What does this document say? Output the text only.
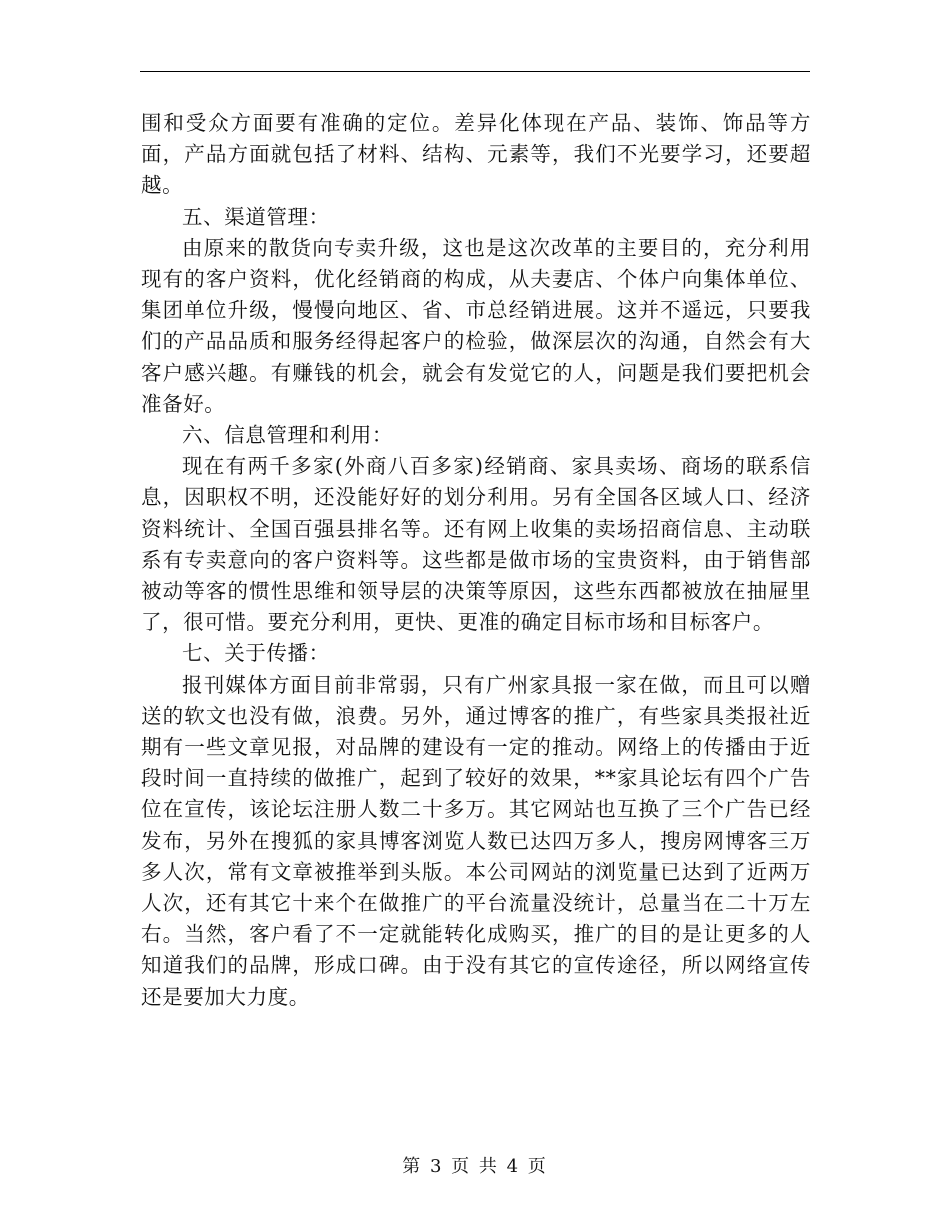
围和受众方面要有准确的定位。差异化体现在产品、装饰、饰品等方面，产品方面就包括了材料、结构、元素等，我们不光要学习，还要超越。

五、渠道管理：

由原来的散货向专卖升级，这也是这次改革的主要目的，充分利用现有的客户资料，优化经销商的构成，从夫妻店、个体户向集体单位、集团单位升级，慢慢向地区、省、市总经销进展。这并不遥远，只要我们的产品品质和服务经得起客户的检验，做深层次的沟通，自然会有大客户感兴趣。有赚钱的机会，就会有发觉它的人，问题是我们要把机会准备好。

六、信息管理和利用：

现在有两千多家(外商八百多家)经销商、家具卖场、商场的联系信息，因职权不明，还没能好好的划分利用。另有全国各区域人口、经济资料统计、全国百强县排名等。还有网上收集的卖场招商信息、主动联系有专卖意向的客户资料等。这些都是做市场的宝贵资料，由于销售部被动等客的惯性思维和领导层的决策等原因，这些东西都被放在抽屉里了，很可惜。要充分利用，更快、更准的确定目标市场和目标客户。

七、关于传播：

报刊媒体方面目前非常弱，只有广州家具报一家在做，而且可以赠送的软文也没有做，浪费。另外，通过博客的推广，有些家具类报社近期有一些文章见报，对品牌的建设有一定的推动。网络上的传播由于近段时间一直持续的做推广，起到了较好的效果，**家具论坛有四个广告位在宣传，该论坛注册人数二十多万。其它网站也互换了三个广告已经发布，另外在搜狐的家具博客浏览人数已达四万多人，搜房网博客三万多人次，常有文章被推举到头版。本公司网站的浏览量已达到了近两万人次，还有其它十来个在做推广的平台流量没统计，总量当在二十万左右。当然，客户看了不一定就能转化成购买，推广的目的是让更多的人知道我们的品牌，形成口碑。由于没有其它的宣传途径，所以网络宣传还是要加大力度。

第 3 页 共 4 页
